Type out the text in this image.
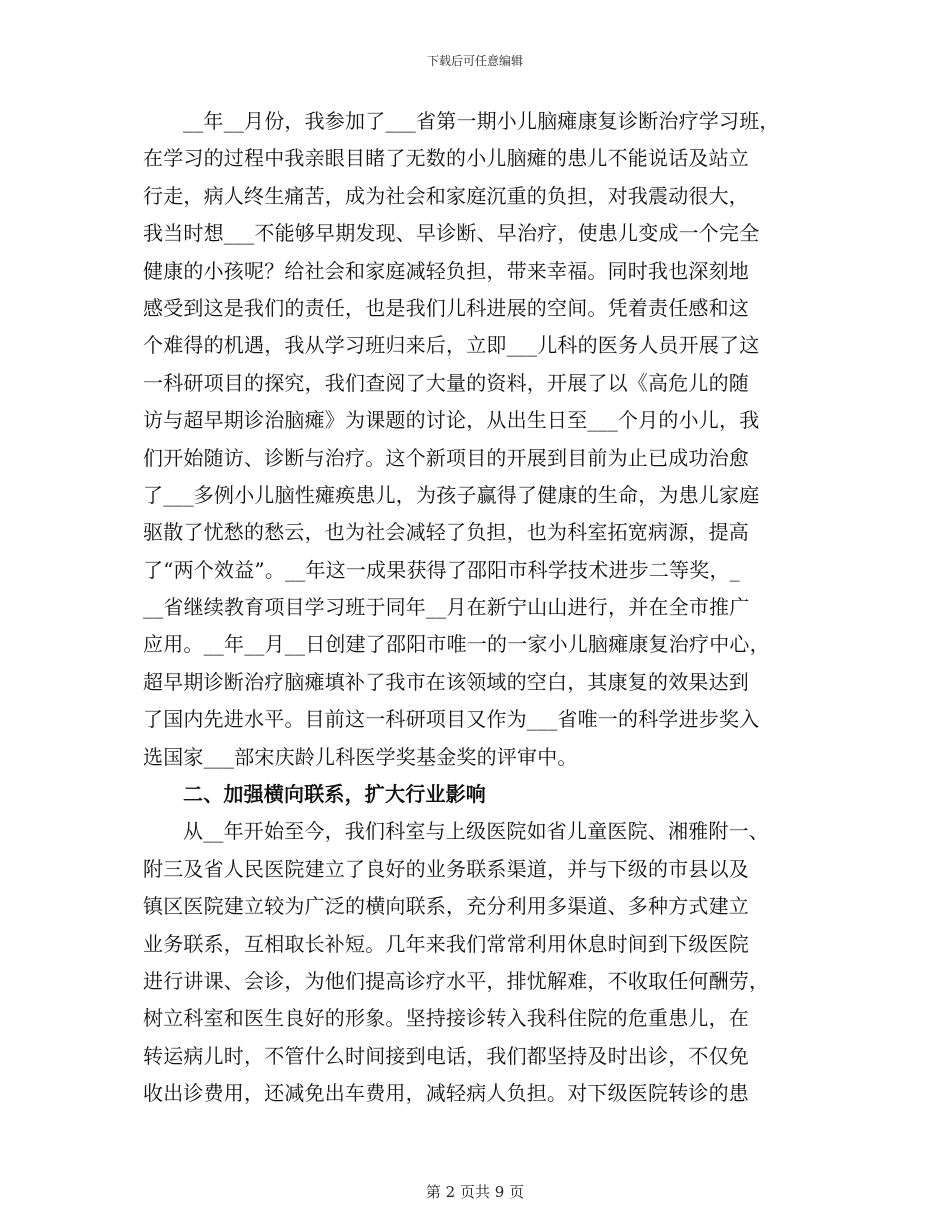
下载后可任意编辑
__年__月份，我参加了___省第一期小儿脑瘫康复诊断治疗学习班，
在学习的过程中我亲眼目睹了无数的小儿脑瘫的患儿不能说话及站立
行走，病人终生痛苦，成为社会和家庭沉重的负担，对我震动很大，
我当时想___不能够早期发现、早诊断、早治疗，使患儿变成一个完全
健康的小孩呢？给社会和家庭减轻负担，带来幸福。同时我也深刻地
感受到这是我们的责任，也是我们儿科进展的空间。凭着责任感和这
个难得的机遇，我从学习班归来后，立即___儿科的医务人员开展了这
一科研项目的探究，我们查阅了大量的资料，开展了以《高危儿的随
访与超早期诊治脑瘫》为课题的讨论，从出生日至___个月的小儿，我
们开始随访、诊断与治疗。这个新项目的开展到目前为止已成功治愈
了___多例小儿脑性瘫痪患儿，为孩子赢得了健康的生命，为患儿家庭
驱散了忧愁的愁云，也为社会减轻了负担，也为科室拓宽病源，提高
了“两个效益”。__年这一成果获得了邵阳市科学技术进步二等奖，_
__省继续教育项目学习班于同年__月在新宁山山进行，并在全市推广
应用。__年__月__日创建了邵阳市唯一的一家小儿脑瘫康复治疗中心，
超早期诊断治疗脑瘫填补了我市在该领域的空白，其康复的效果达到
了国内先进水平。目前这一科研项目又作为___省唯一的科学进步奖入
选国家___部宋庆龄儿科医学奖基金奖的评审中。
二、加强横向联系，扩大行业影响
从__年开始至今，我们科室与上级医院如省儿童医院、湘雅附一、
附三及省人民医院建立了良好的业务联系渠道，并与下级的市县以及
镇区医院建立较为广泛的横向联系，充分利用多渠道、多种方式建立
业务联系，互相取长补短。几年来我们常常利用休息时间到下级医院
进行讲课、会诊，为他们提高诊疗水平，排忧解难，不收取任何酬劳，
树立科室和医生良好的形象。坚持接诊转入我科住院的危重患儿，在
转运病儿时，不管什么时间接到电话，我们都坚持及时出诊，不仅免
收出诊费用，还减免出车费用，减轻病人负担。对下级医院转诊的患
第 2 页共 9 页
